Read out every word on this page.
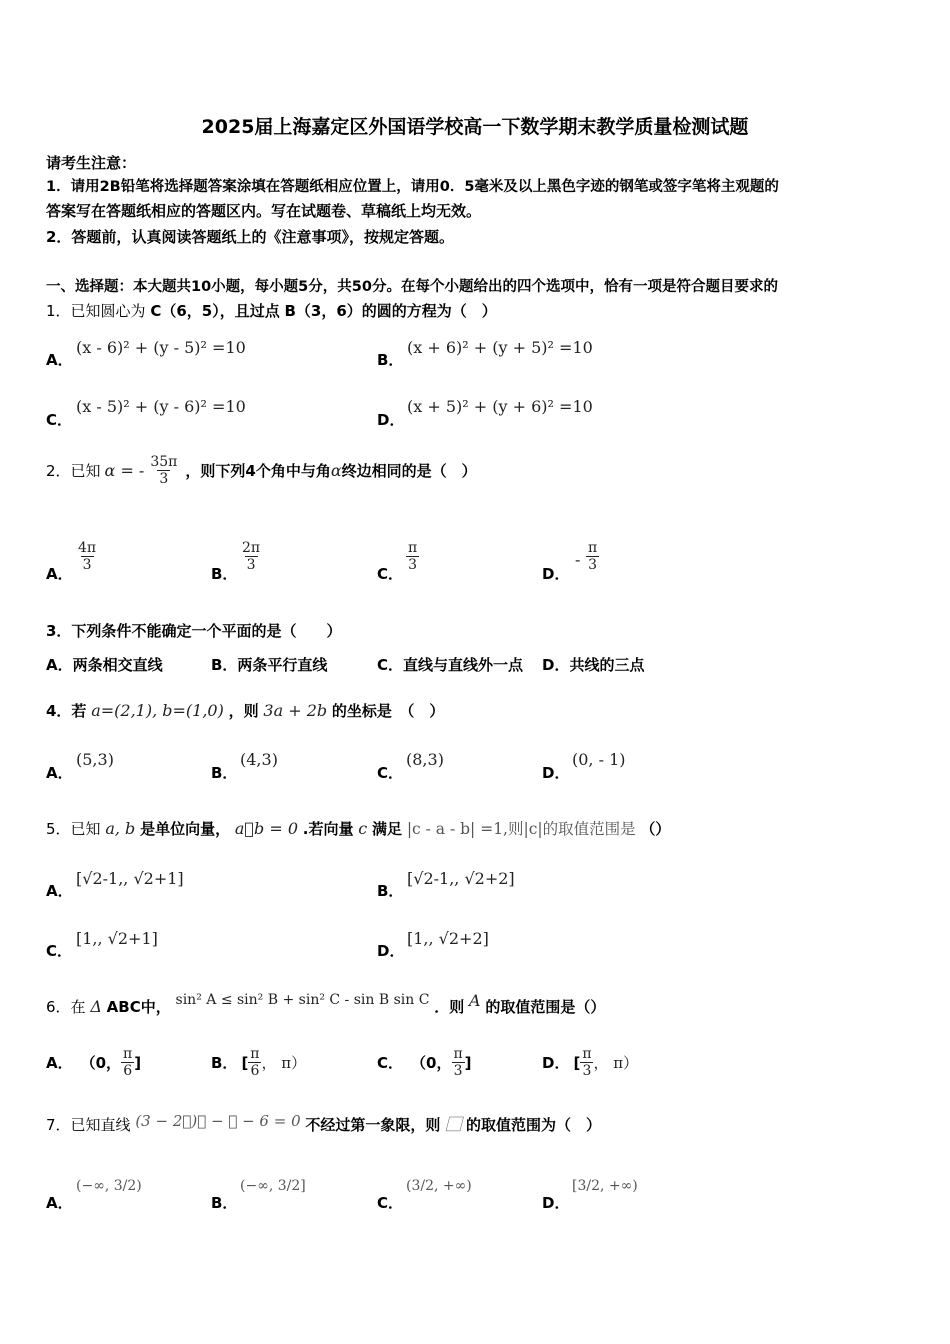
2025届上海嘉定区外国语学校高一下数学期末教学质量检测试题
请考生注意：
1．请用2B铅笔将选择题答案涂填在答题纸相应位置上，请用0．5毫米及以上黑色字迹的钢笔或签字笔将主观题的
答案写在答题纸相应的答题区内。写在试题卷、草稿纸上均无效。
2．答题前，认真阅读答题纸上的《注意事项》，按规定答题。
一、选择题：本大题共10小题，每小题5分，共50分。在每个小题给出的四个选项中，恰有一项是符合题目要求的
1．已知圆心为 C（6，5），且过点 B（3，6）的圆的方程为（　）
A．
(x - 6)² + (y - 5)² =10
B．
(x + 6)² + (y + 5)² =10
C．
(x - 5)² + (y - 6)² =10
D．
(x + 5)² + (y + 6)² =10
2．已知 α = - $\frac{35\pi}{3}$ ，则下列 4 个角中与角 α 终边相同的是（　）
A．
$\frac{4\pi}{3}$
B．
$\frac{2\pi}{3}$
C．
$\frac{\pi}{3}$
D．
- $\frac{\pi}{3}$
3．下列条件不能确定一个平面的是（　　）
A．两条相交直线	B．两条平行直线	C．直线与直线外一点 D．共线的三点
4．若 a=(2,1), b=(1,0) ，则 3a + 2b 的坐标是　（　）
A．
(5,3)
B．
(4,3)
C．
(8,3)
D．
(0, - 1)
5．已知 a, b 是单位向量， a⃞b = 0 .若向量 c 满足 |c - a - b| =1,则|c|的取值范围是 （）
A．
[√2-1,, √2+1]
B．
[√2-1,, √2+2]
C．
[1,, √2+1]
D．
[1,, √2+2]
6．在 Δ ABC中， sin² A ≤ sin² B + sin² C - sin B sin C ．则 A 的取值范围是（）
A． （0， $\frac{\pi}{6}$ ]	B． [ $\frac{\pi}{6}$ ， π）	C． （0， $\frac{\pi}{3}$ ]	D． [ $\frac{\pi}{3}$ ， π）
7．已知直线 (3 − 2⃞)⃞ − ⃞ − 6 = 0 不经过第一象限，则 ⃞ 的取值范围为（　）
A．
(−∞, 3/2)
B．
(−∞, 3/2]
C．
(3/2, +∞)
D．
[3/2, +∞)
